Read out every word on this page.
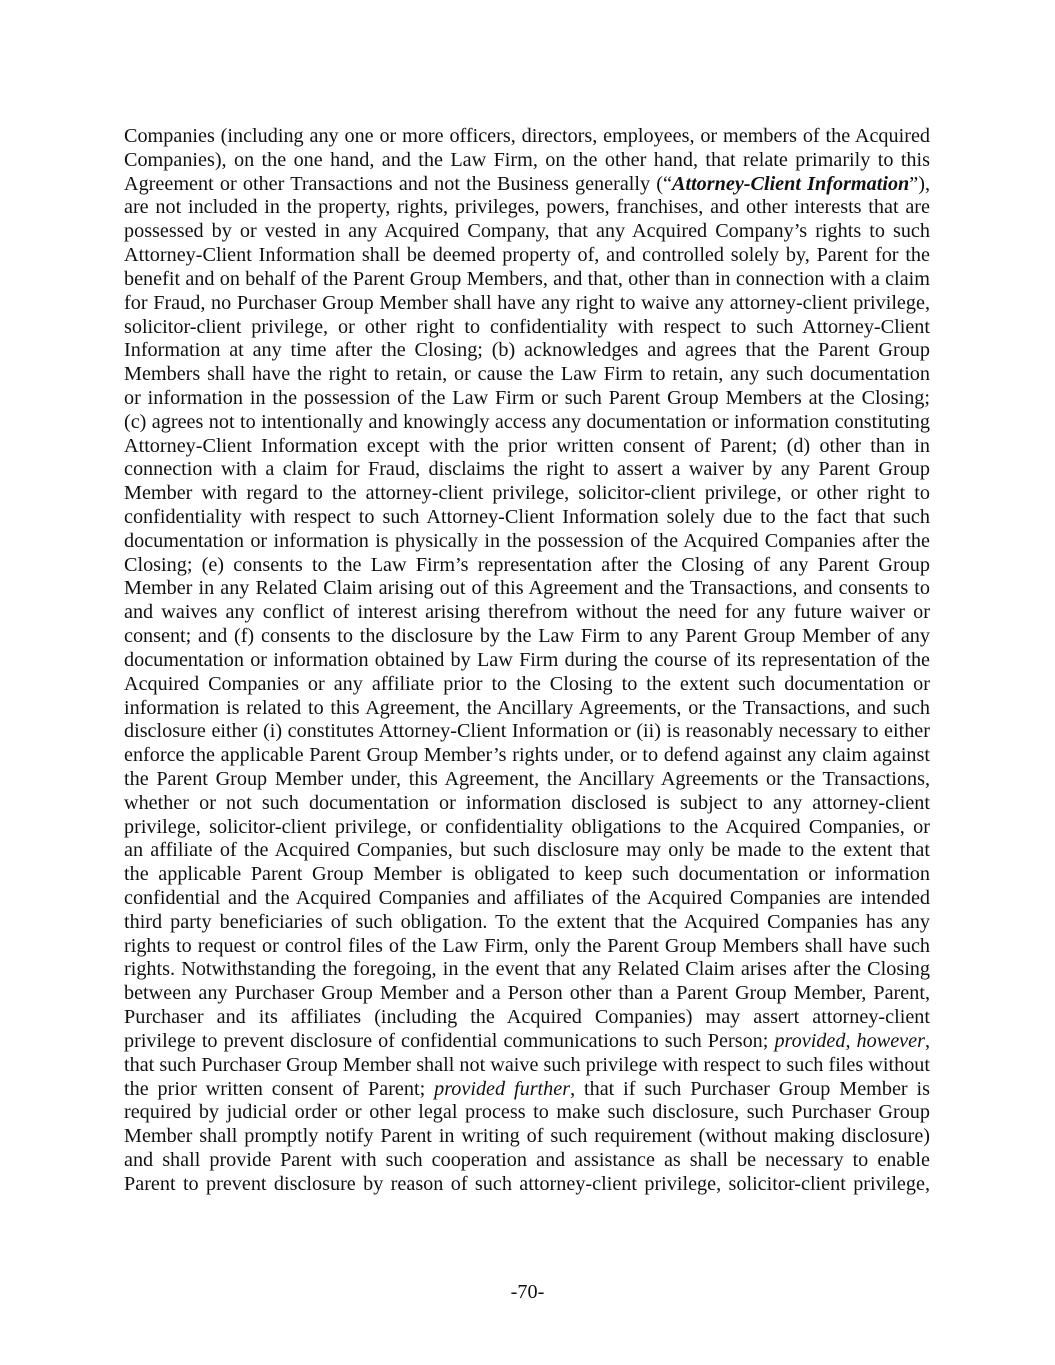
Companies (including any one or more officers, directors, employees, or members of the Acquired
Companies), on the one hand, and the Law Firm, on the other hand, that relate primarily to this
Agreement or other Transactions and not the Business generally (“Attorney-Client Information”),
are not included in the property, rights, privileges, powers, franchises, and other interests that are
possessed by or vested in any Acquired Company, that any Acquired Company’s rights to such
Attorney-Client Information shall be deemed property of, and controlled solely by, Parent for the
benefit and on behalf of the Parent Group Members, and that, other than in connection with a claim
for Fraud, no Purchaser Group Member shall have any right to waive any attorney-client privilege,
solicitor-client privilege, or other right to confidentiality with respect to such Attorney-Client
Information at any time after the Closing; (b) acknowledges and agrees that the Parent Group
Members shall have the right to retain, or cause the Law Firm to retain, any such documentation
or information in the possession of the Law Firm or such Parent Group Members at the Closing;
(c) agrees not to intentionally and knowingly access any documentation or information constituting
Attorney-Client Information except with the prior written consent of Parent; (d) other than in
connection with a claim for Fraud, disclaims the right to assert a waiver by any Parent Group
Member with regard to the attorney-client privilege, solicitor-client privilege, or other right to
confidentiality with respect to such Attorney-Client Information solely due to the fact that such
documentation or information is physically in the possession of the Acquired Companies after the
Closing; (e) consents to the Law Firm’s representation after the Closing of any Parent Group
Member in any Related Claim arising out of this Agreement and the Transactions, and consents to
and waives any conflict of interest arising therefrom without the need for any future waiver or
consent; and (f) consents to the disclosure by the Law Firm to any Parent Group Member of any
documentation or information obtained by Law Firm during the course of its representation of the
Acquired Companies or any affiliate prior to the Closing to the extent such documentation or
information is related to this Agreement, the Ancillary Agreements, or the Transactions, and such
disclosure either (i) constitutes Attorney-Client Information or (ii) is reasonably necessary to either
enforce the applicable Parent Group Member’s rights under, or to defend against any claim against
the Parent Group Member under, this Agreement, the Ancillary Agreements or the Transactions,
whether or not such documentation or information disclosed is subject to any attorney-client
privilege, solicitor-client privilege, or confidentiality obligations to the Acquired Companies, or
an affiliate of the Acquired Companies, but such disclosure may only be made to the extent that
the applicable Parent Group Member is obligated to keep such documentation or information
confidential and the Acquired Companies and affiliates of the Acquired Companies are intended
third party beneficiaries of such obligation. To the extent that the Acquired Companies has any
rights to request or control files of the Law Firm, only the Parent Group Members shall have such
rights. Notwithstanding the foregoing, in the event that any Related Claim arises after the Closing
between any Purchaser Group Member and a Person other than a Parent Group Member, Parent,
Purchaser and its affiliates (including the Acquired Companies) may assert attorney-client
privilege to prevent disclosure of confidential communications to such Person; provided, however,
that such Purchaser Group Member shall not waive such privilege with respect to such files without
the prior written consent of Parent; provided further, that if such Purchaser Group Member is
required by judicial order or other legal process to make such disclosure, such Purchaser Group
Member shall promptly notify Parent in writing of such requirement (without making disclosure)
and shall provide Parent with such cooperation and assistance as shall be necessary to enable
Parent to prevent disclosure by reason of such attorney-client privilege, solicitor-client privilege,
-70-
